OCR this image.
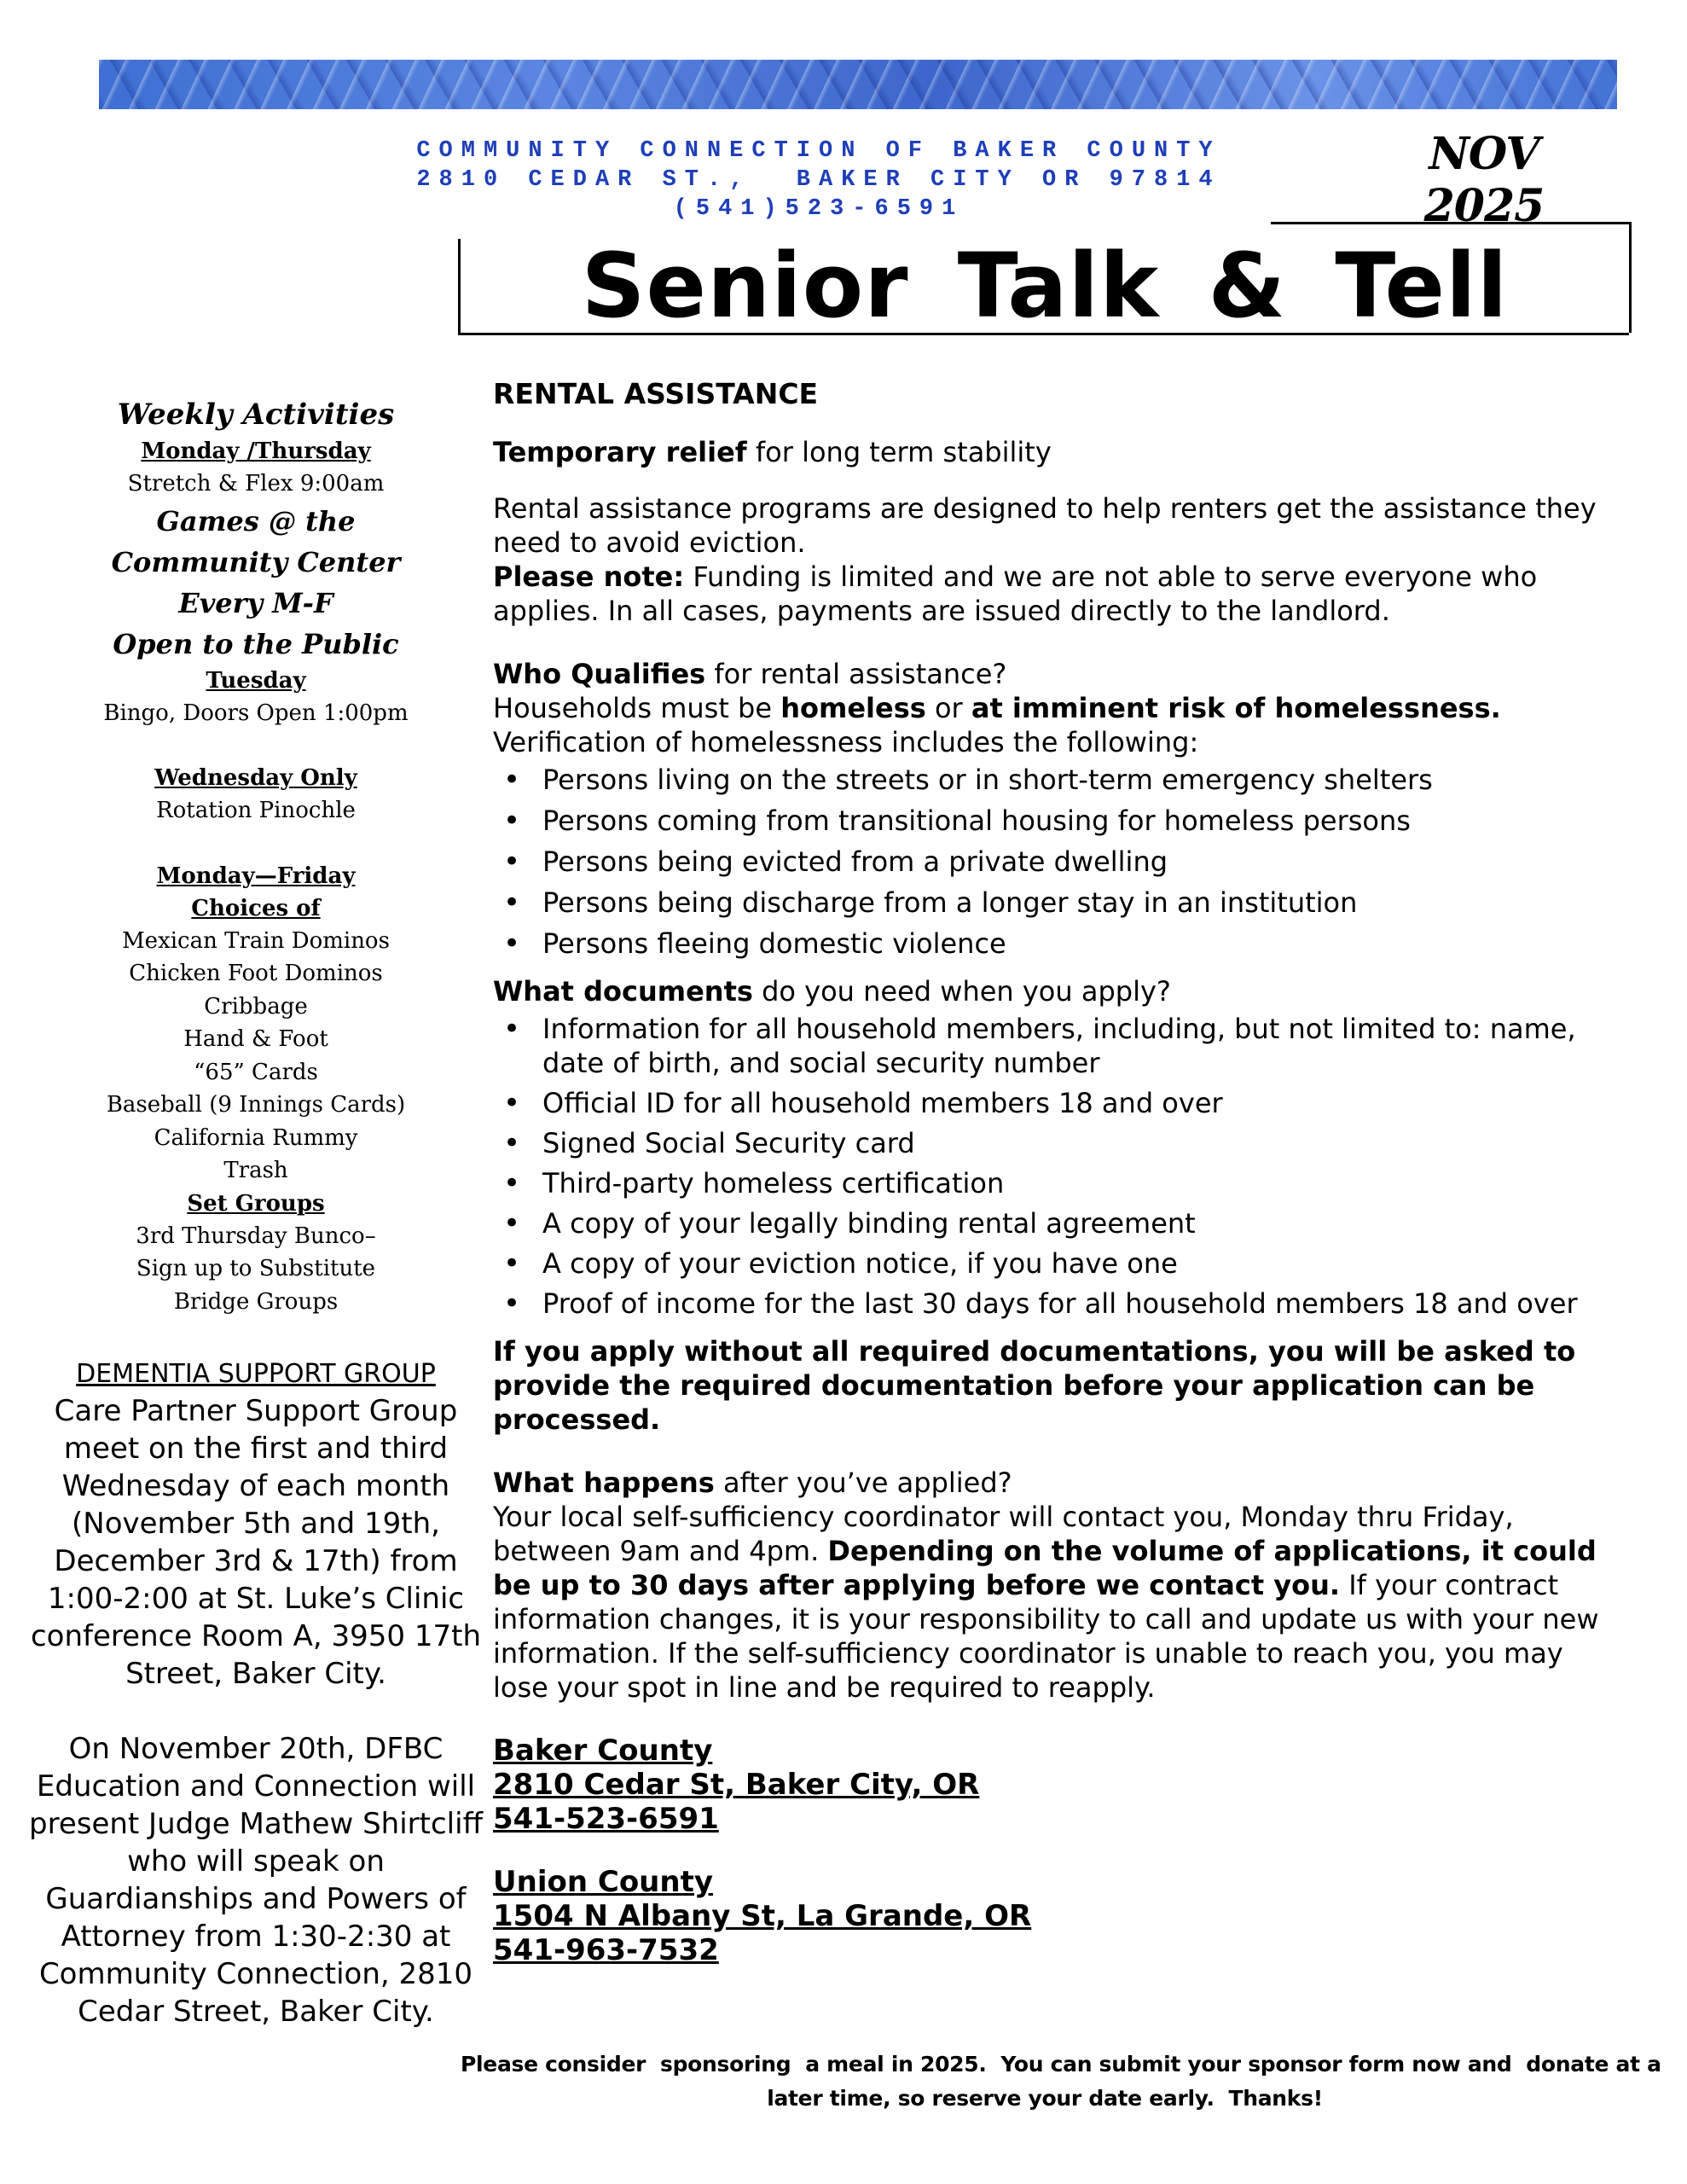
COMMUNITY CONNECTION OF BAKER COUNTY
2810 CEDAR ST.,  BAKER CITY OR 97814
(541)523-6591
NOV 2025
Senior Talk & Tell
Weekly Activities
Monday /Thursday
Stretch & Flex 9:00am
Games @ the
Community Center
Every M-F
Open to the Public
Tuesday
Bingo, Doors Open 1:00pm
Wednesday Only
Rotation Pinochle
Monday—Friday
Choices of
Mexican Train Dominos
Chicken Foot Dominos
Cribbage
Hand & Foot
“65” Cards
Baseball (9 Innings Cards)
California Rummy
Trash
Set Groups
3rd Thursday Bunco–
Sign up to Substitute
Bridge Groups
DEMENTIA SUPPORT GROUP

Care Partner Support Group meet on the first and third Wednesday of each month (November 5th and 19th, December 3rd & 17th) from 1:00-2:00 at St. Luke’s Clinic conference Room A, 3950 17th Street, Baker City.

On November 20th, DFBC Education and Connection will present Judge Mathew Shirtcliff who will speak on Guardianships and Powers of Attorney from 1:30-2:30 at Community Connection, 2810 Cedar Street, Baker City.

RENTAL ASSISTANCE

Temporary relief for long term stability

Rental assistance programs are designed to help renters get the assistance they need to avoid eviction.

Please note: Funding is limited and we are not able to serve everyone who applies. In all cases, payments are issued directly to the landlord.

Who Qualifies for rental assistance?

Households must be homeless or at imminent risk of homelessness.

Verification of homelessness includes the following:

• Persons living on the streets or in short-term emergency shelters
• Persons coming from transitional housing for homeless persons
• Persons being evicted from a private dwelling
• Persons being discharge from a longer stay in an institution
• Persons fleeing domestic violence

What documents do you need when you apply?

• Information for all household members, including, but not limited to: name, date of birth, and social security number
• Official ID for all household members 18 and over
• Signed Social Security card
• Third-party homeless certification
• A copy of your legally binding rental agreement
• A copy of your eviction notice, if you have one
• Proof of income for the last 30 days for all household members 18 and over

If you apply without all required documentations, you will be asked to provide the required documentation before your application can be processed.

What happens after you’ve applied?

Your local self-sufficiency coordinator will contact you, Monday thru Friday, between 9am and 4pm. Depending on the volume of applications, it could be up to 30 days after applying before we contact you. If your contract information changes, it is your responsibility to call and update us with your new information. If the self-sufficiency coordinator is unable to reach you, you may lose your spot in line and be required to reapply.

Baker County
2810 Cedar St, Baker City, OR
541-523-6591
Union County
1504 N Albany St, La Grande, OR
541-963-7532
Please consider  sponsoring  a meal in 2025.  You can submit your sponsor form now and  donate at a
later time, so reserve your date early.  Thanks!
